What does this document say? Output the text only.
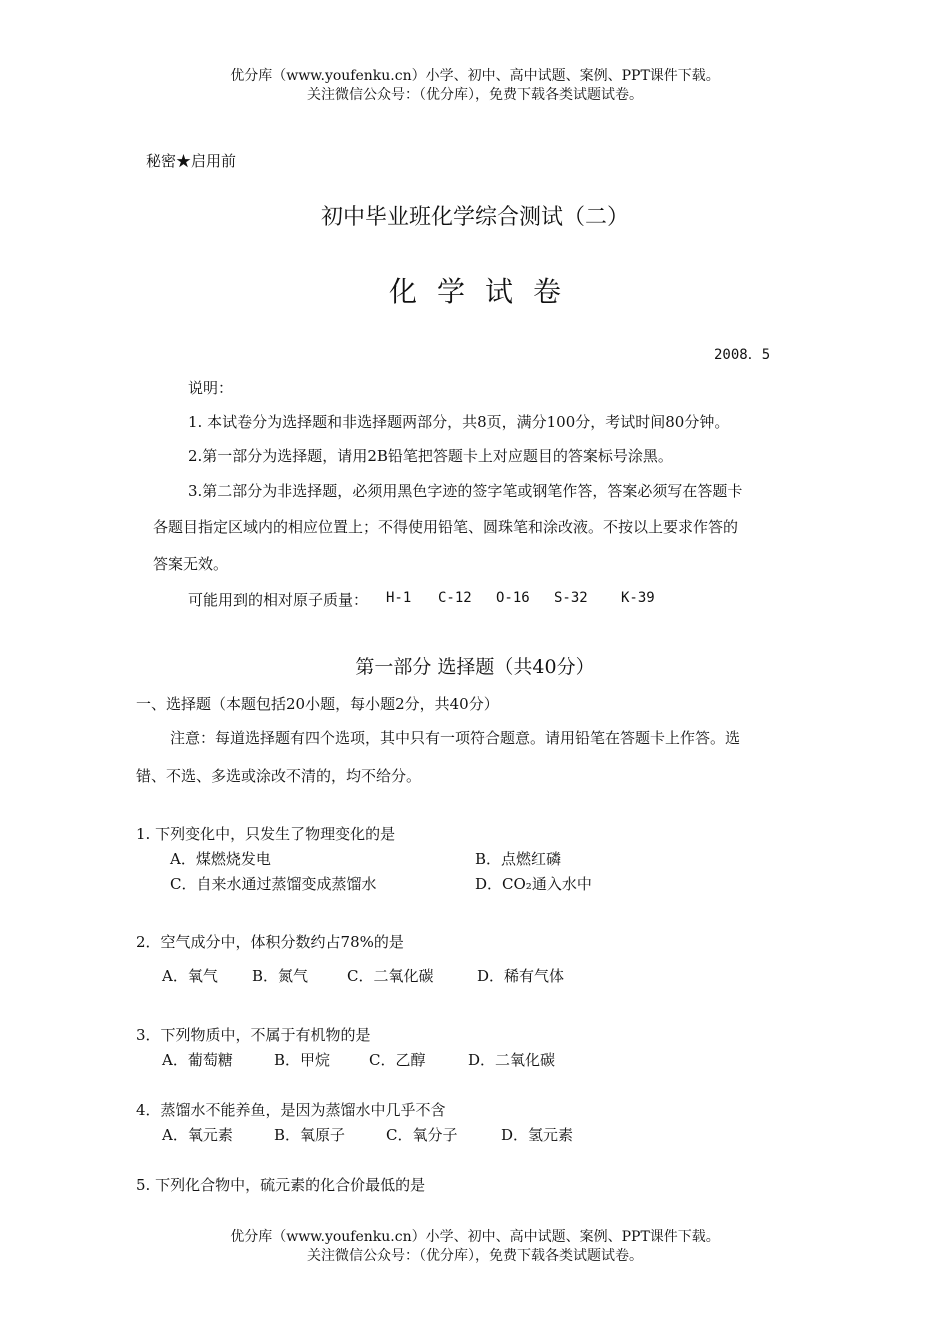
优分库（www.youfenku.cn）小学、初中、高中试题、案例、PPT课件下载。
关注微信公众号：（优分库），免费下载各类试题试卷。
秘密★启用前
初中毕业班化学综合测试（二）
化学试卷
2008．5
说明：
1. 本试卷分为选择题和非选择题两部分，共8页，满分100分，考试时间80分钟。
2.第一部分为选择题，请用2B铅笔把答题卡上对应题目的答案标号涂黑。
3.第二部分为非选择题，必须用黑色字迹的签字笔或钢笔作答，答案必须写在答题卡
各题目指定区域内的相应位置上；不得使用铅笔、圆珠笔和涂改液。不按以上要求作答的
答案无效。
可能用到的相对原子质量： H-1 C-12 O-16 S-32 K-39
第一部分 选择题（共40分）
一、选择题（本题包括20小题，每小题2分，共40分）
注意：每道选择题有四个选项，其中只有一项符合题意。请用铅笔在答题卡上作答。选
错、不选、多选或涂改不清的，均不给分。
1. 下列变化中，只发生了物理变化的是
A．煤燃烧发电	B．点燃红磷
C．自来水通过蒸馏变成蒸馏水	D．CO₂通入水中
2．空气成分中，体积分数约占78%的是
A．氧气 B．氮气	C．二氧化碳	D．稀有气体
3．下列物质中，不属于有机物的是
A．葡萄糖	B．甲烷	C．乙醇	D．二氧化碳
4．蒸馏水不能养鱼，是因为蒸馏水中几乎不含
A．氧元素	B．氧原子	C．氧分子	D．氢元素
5. 下列化合物中，硫元素的化合价最低的是
优分库（www.youfenku.cn）小学、初中、高中试题、案例、PPT课件下载。
关注微信公众号：（优分库），免费下载各类试题试卷。
